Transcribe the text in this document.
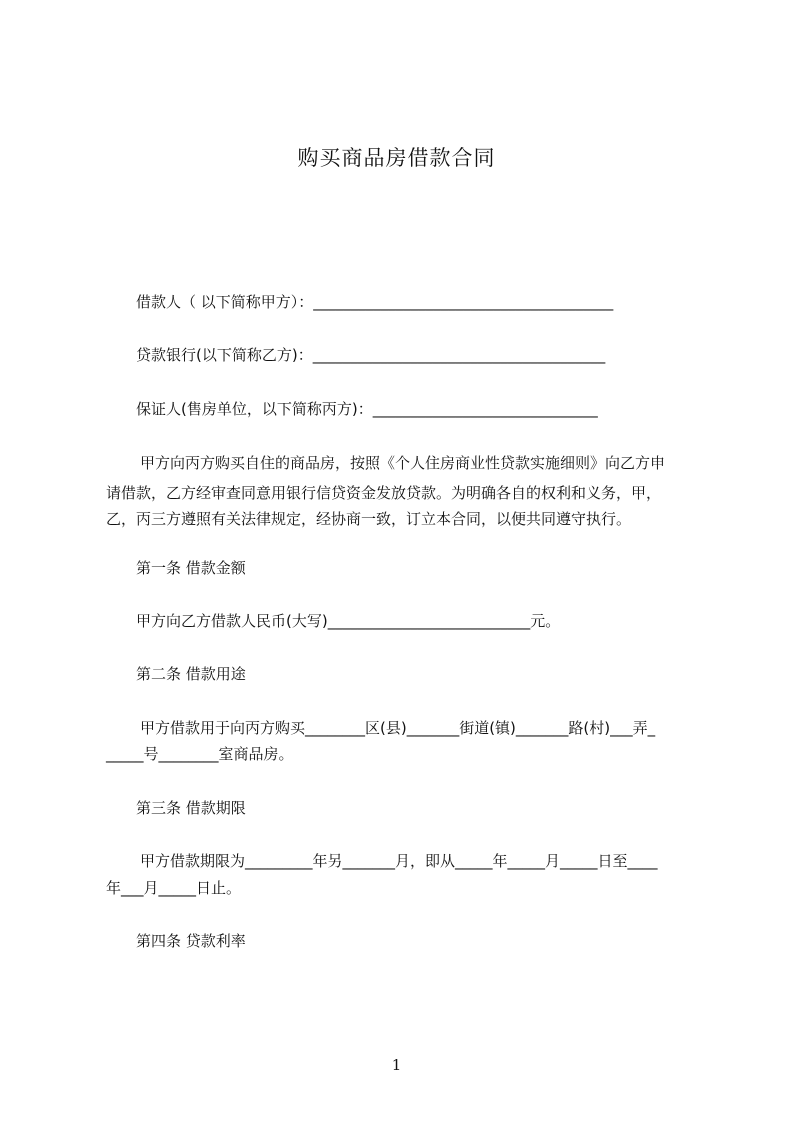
购买商品房借款合同
借款人（ 以下简称甲方）：________________________________________
贷款银行(以下简称乙方)：_______________________________________
保证人(售房单位，以下简称丙方)：______________________________
甲方向丙方购买自住的商品房，按照《个人住房商业性贷款实施细则》向乙方申
请借款，乙方经审查同意用银行信贷资金发放贷款。为明确各自的权利和义务，甲，
乙，丙三方遵照有关法律规定，经协商一致，订立本合同，以便共同遵守执行。
第一条 借款金额
甲方向乙方借款人民币(大写)___________________________元。
第二条 借款用途
甲方借款用于向丙方购买________区(县)_______街道(镇)_______路(村)___弄_
_____号________室商品房。
第三条 借款期限
甲方借款期限为_________年另_______月，即从_____年_____月_____日至____
年___月_____日止。
第四条 贷款利率
1
